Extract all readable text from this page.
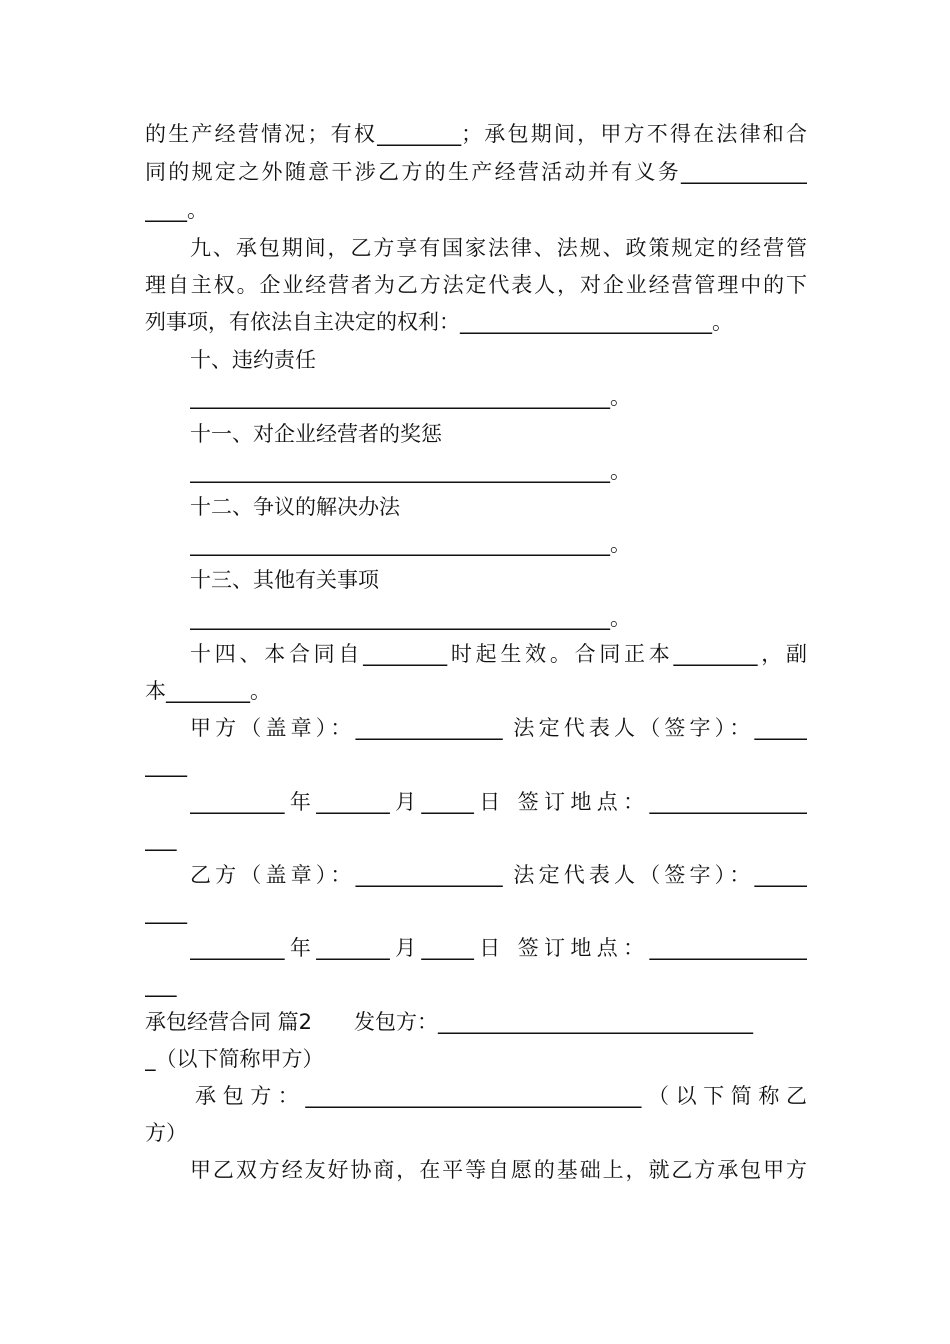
的生产经营情况；有权________；承包期间，甲方不得在法律和合
同的规定之外随意干涉乙方的生产经营活动并有义务____________
____。
九、承包期间，乙方享有国家法律、法规、政策规定的经营管
理自主权。企业经营者为乙方法定代表人，对企业经营管理中的下
列事项，有依法自主决定的权利：________________________。
十、违约责任
________________________________________。
十一、对企业经营者的奖惩
________________________________________。
十二、争议的解决办法
________________________________________。
十三、其他有关事项
________________________________________。
十四、本合同自________时起生效。合同正本________，副
本________。
甲方（盖章）：______________ 法定代表人（签字）：_____
____
_________年_______月_____日 签订地点：_______________
___
乙方（盖章）：______________ 法定代表人（签字）：_____
____
_________年_______月_____日 签订地点：_______________
___
承包经营合同 篇2　　发包方：______________________________
_（以下简称甲方）
承包方：________________________________（以下简称乙
方）
甲乙双方经友好协商，在平等自愿的基础上，就乙方承包甲方
